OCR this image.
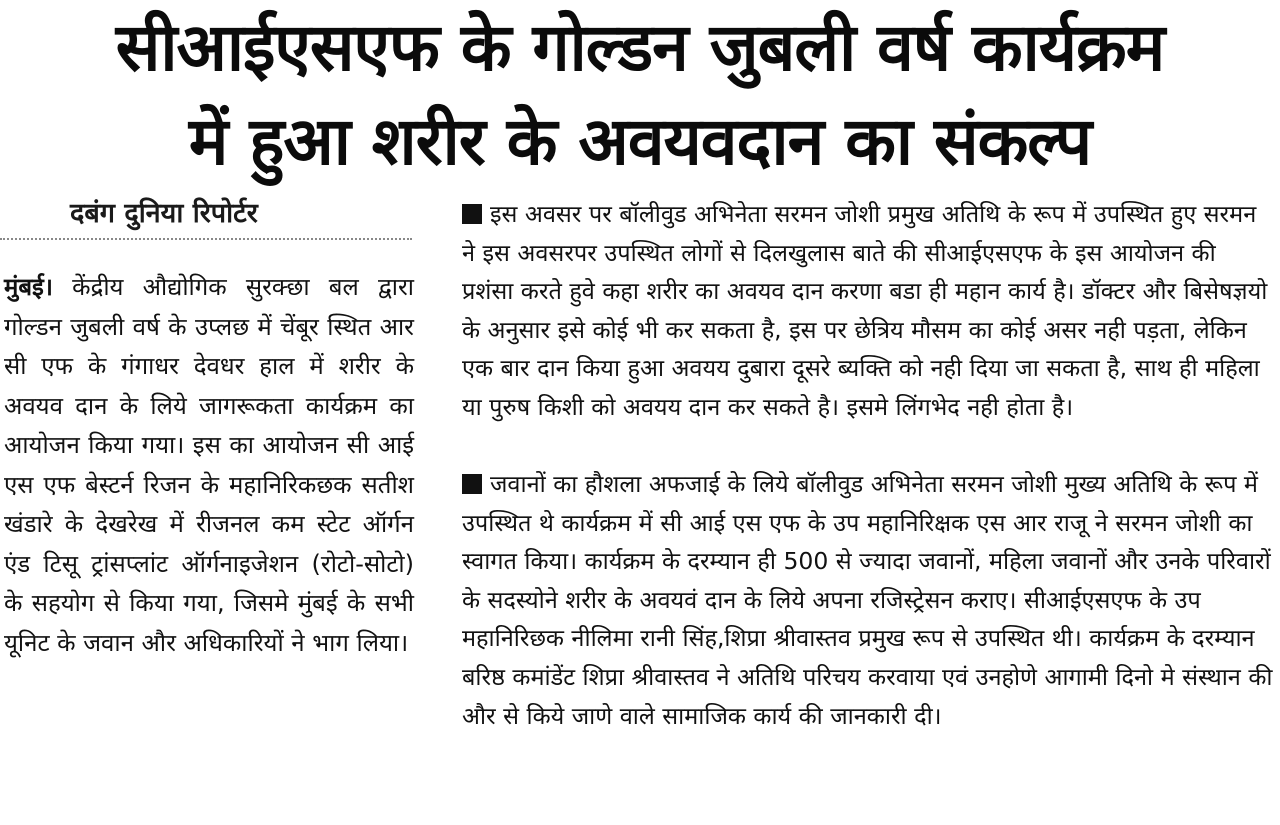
सीआईएसएफ के गोल्डन जुबली वर्ष कार्यक्रम
में हुआ शरीर के अवयवदान का संकल्प
दबंग दुनिया रिपोर्टर
मुंबई। केंद्रीय औद्योगिक सुरक्छा बल द्वारा गोल्डन जुबली वर्ष के उप्लछ में चेंबूर स्थित आर सी एफ के गंगाधर देवधर हाल में शरीर के अवयव दान के लिये जागरूकता कार्यक्रम का आयोजन किया गया। इस का आयोजन सी आई एस एफ बेस्टर्न रिजन के महानिरिकछक सतीश खंडारे के देखरेख में रीजनल कम स्टेट ऑर्गन एंड टिसू ट्रांसप्लांट ऑर्गनाइजेशन (रोटो-सोटो) के सहयोग से किया गया, जिसमे मुंबई के सभी यूनिट के जवान और अधिकारियों ने भाग लिया।
इस अवसर पर बॉलीवुड अभिनेता सरमन जोशी प्रमुख अतिथि के रूप में उपस्थित हुए सरमन ने इस अवसरपर उपस्थित लोगों से दिलखुलास बाते की सीआईएसएफ के इस आयोजन की प्रशंसा करते हुवे कहा शरीर का अवयव दान करणा बडा ही महान कार्य है। डॉक्टर और बिसेषज्ञयो के अनुसार इसे कोई भी कर सकता है, इस पर छेत्रिय मौसम का कोई असर नही पड़ता, लेकिन एक बार दान किया हुआ अवयय दुबारा दूसरे ब्यक्ति को नही दिया जा सकता है, साथ ही महिला या पुरुष किशी को अवयय दान कर सकते है। इसमे लिंगभेद नही होता है।
जवानों का हौशला अफजाई के लिये बॉलीवुड अभिनेता सरमन जोशी मुख्य अतिथि के रूप में उपस्थित थे कार्यक्रम में सी आई एस एफ के उप महानिरिक्षक एस आर राजू ने सरमन जोशी का स्वागत किया। कार्यक्रम के दरम्यान ही 500 से ज्यादा जवानों, महिला जवानों और उनके परिवारों के सदस्योने शरीर के अवयवं दान के लिये अपना रजिस्ट्रेसन कराए। सीआईएसएफ के उप महानिरिछक नीलिमा रानी सिंह,शिप्रा श्रीवास्तव प्रमुख रूप से उपस्थित थी। कार्यक्रम के दरम्यान बरिष्ठ कमांडेंट शिप्रा श्रीवास्तव ने अतिथि परिचय करवाया एवं उनहोणे आगामी दिनो मे संस्थान की और से किये जाणे वाले सामाजिक कार्य की जानकारी दी।
